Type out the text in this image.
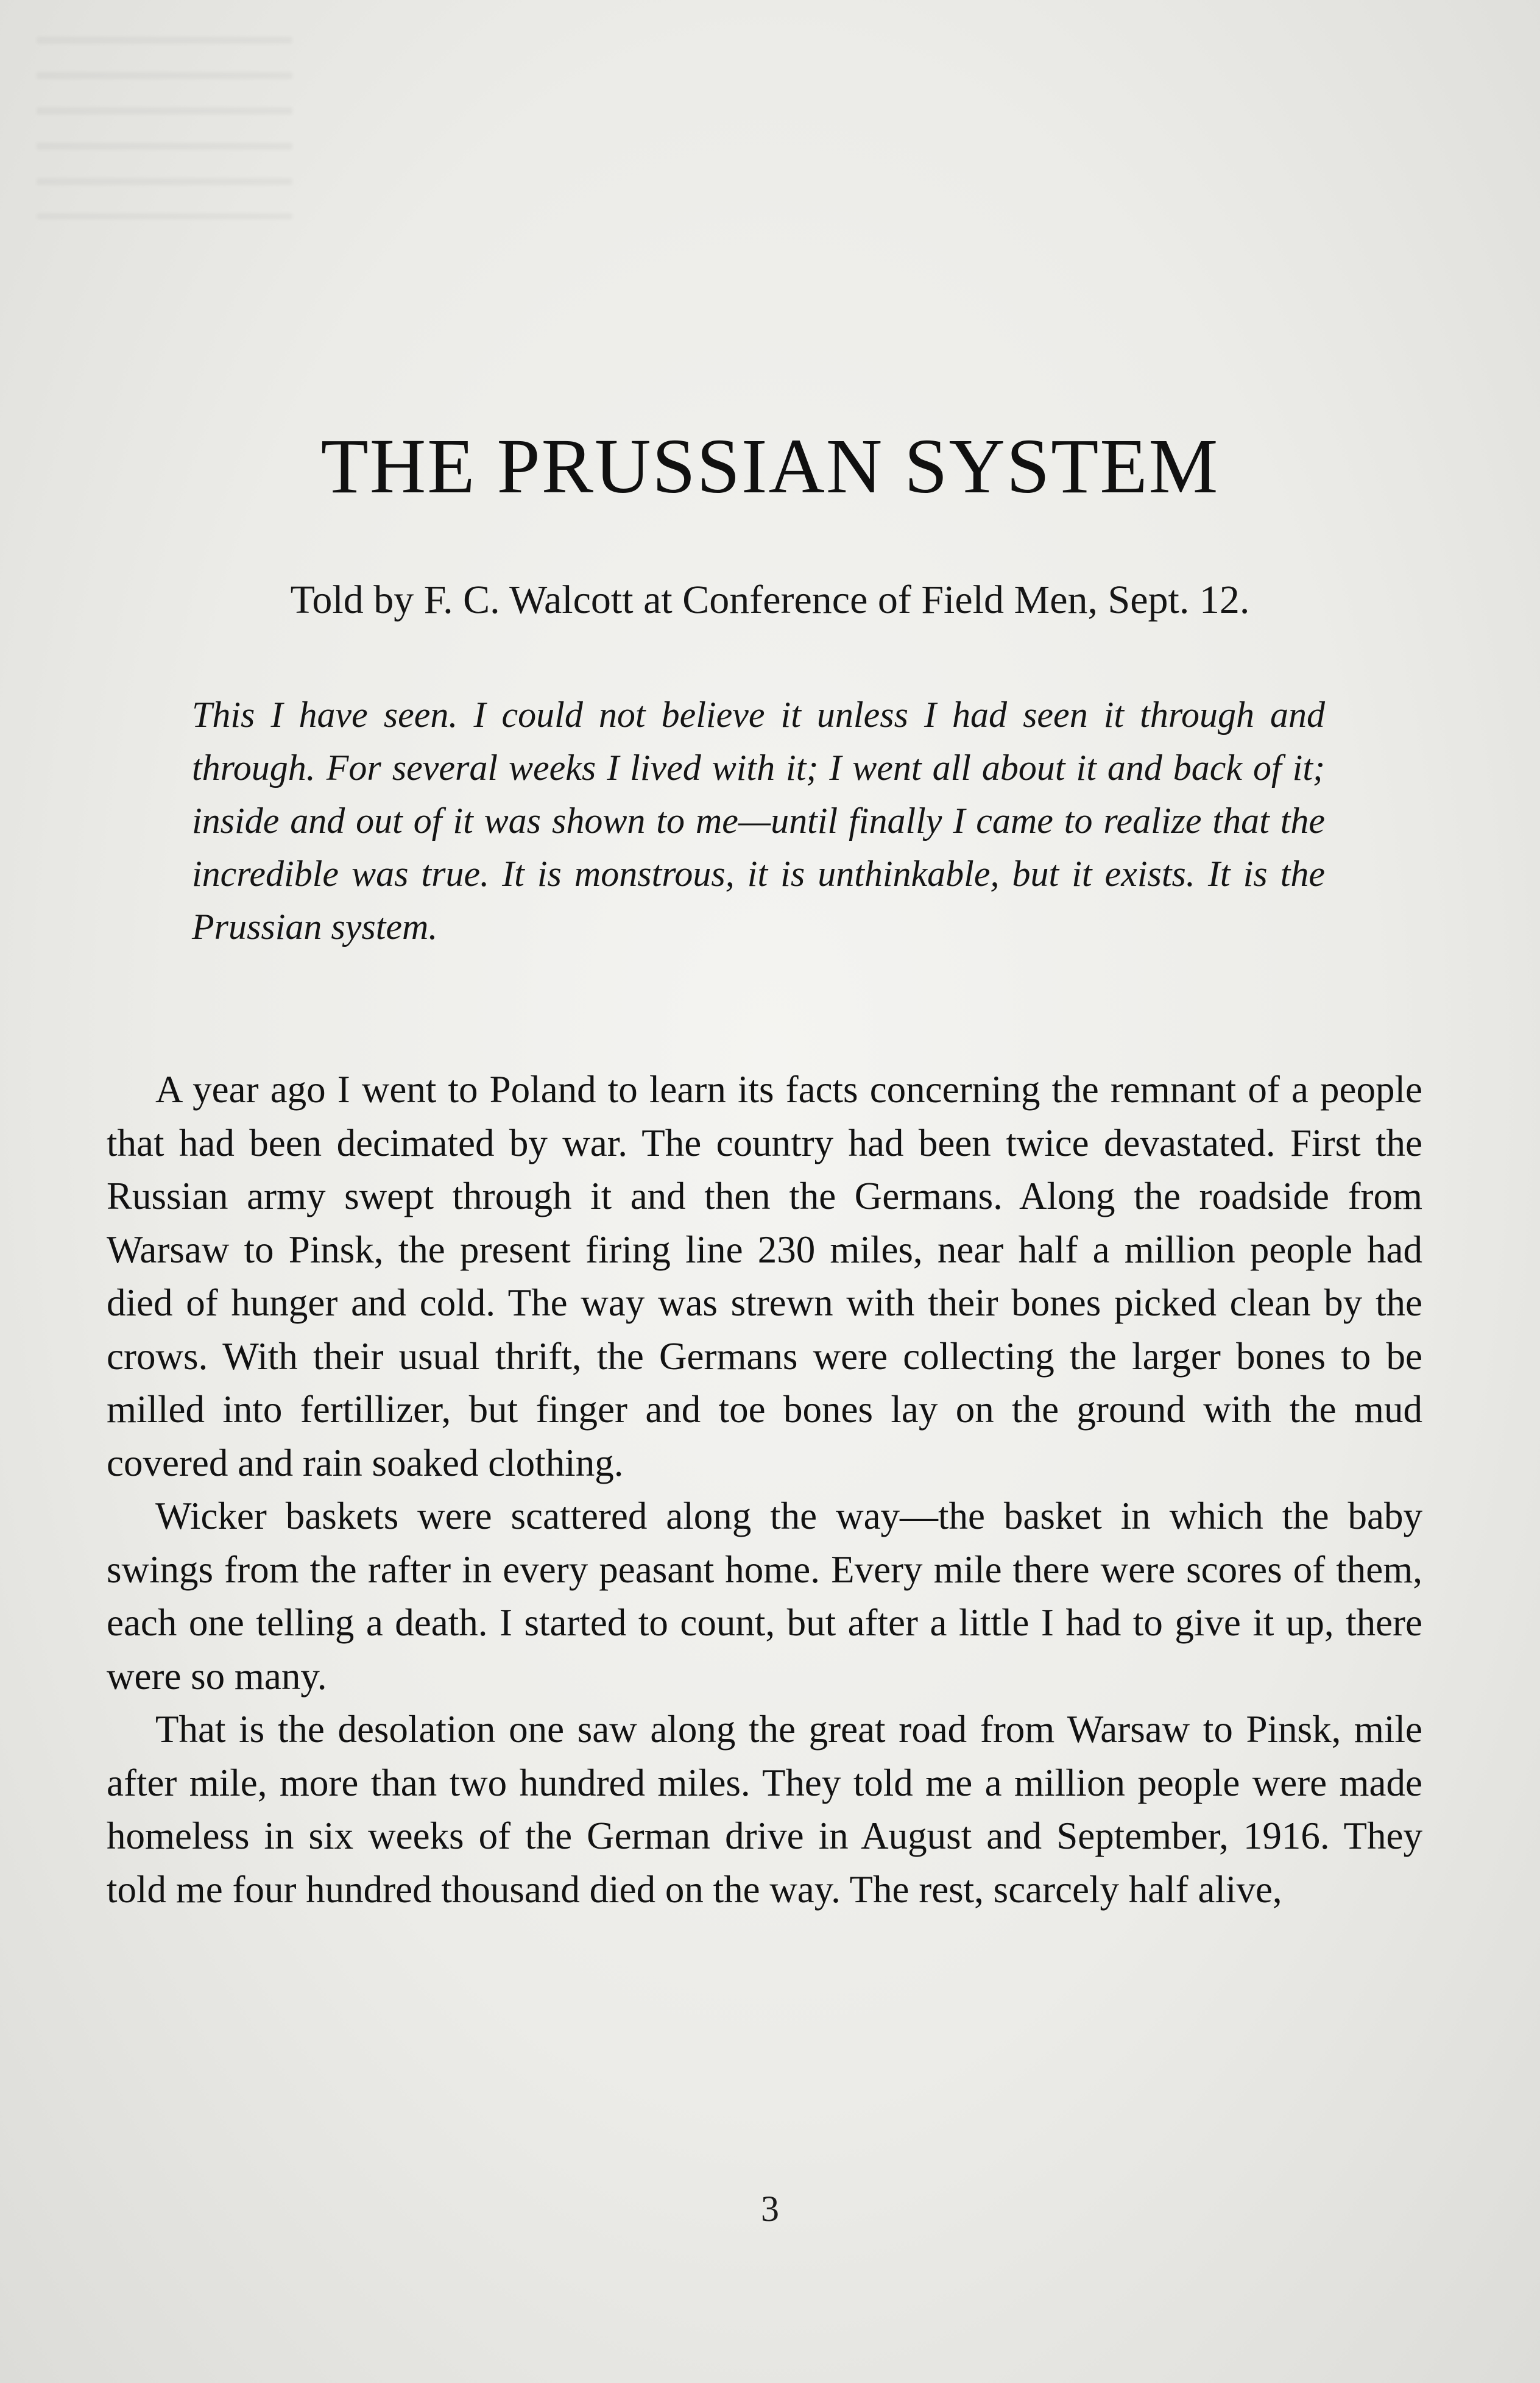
THE PRUSSIAN SYSTEM
Told by F. C. Walcott at Conference of Field Men, Sept. 12.
This I have seen. I could not believe it unless I had seen it through and through. For several weeks I lived with it; I went all about it and back of it; inside and out of it was shown to me—until finally I came to realize that the incredible was true. It is monstrous, it is unthinkable, but it exists. It is the Prussian system.

A year ago I went to Poland to learn its facts concerning the remnant of a people that had been decimated by war. The country had been twice devastated. First the Russian army swept through it and then the Germans. Along the roadside from Warsaw to Pinsk, the present firing line 230 miles, near half a million people had died of hunger and cold. The way was strewn with their bones picked clean by the crows. With their usual thrift, the Germans were collecting the larger bones to be milled into fertillizer, but finger and toe bones lay on the ground with the mud covered and rain soaked clothing.

Wicker baskets were scattered along the way—the basket in which the baby swings from the rafter in every peasant home. Every mile there were scores of them, each one telling a death. I started to count, but after a little I had to give it up, there were so many.

That is the desolation one saw along the great road from Warsaw to Pinsk, mile after mile, more than two hundred miles. They told me a million people were made homeless in six weeks of the German drive in August and September, 1916. They told me four hundred thousand died on the way. The rest, scarcely half alive,

3
